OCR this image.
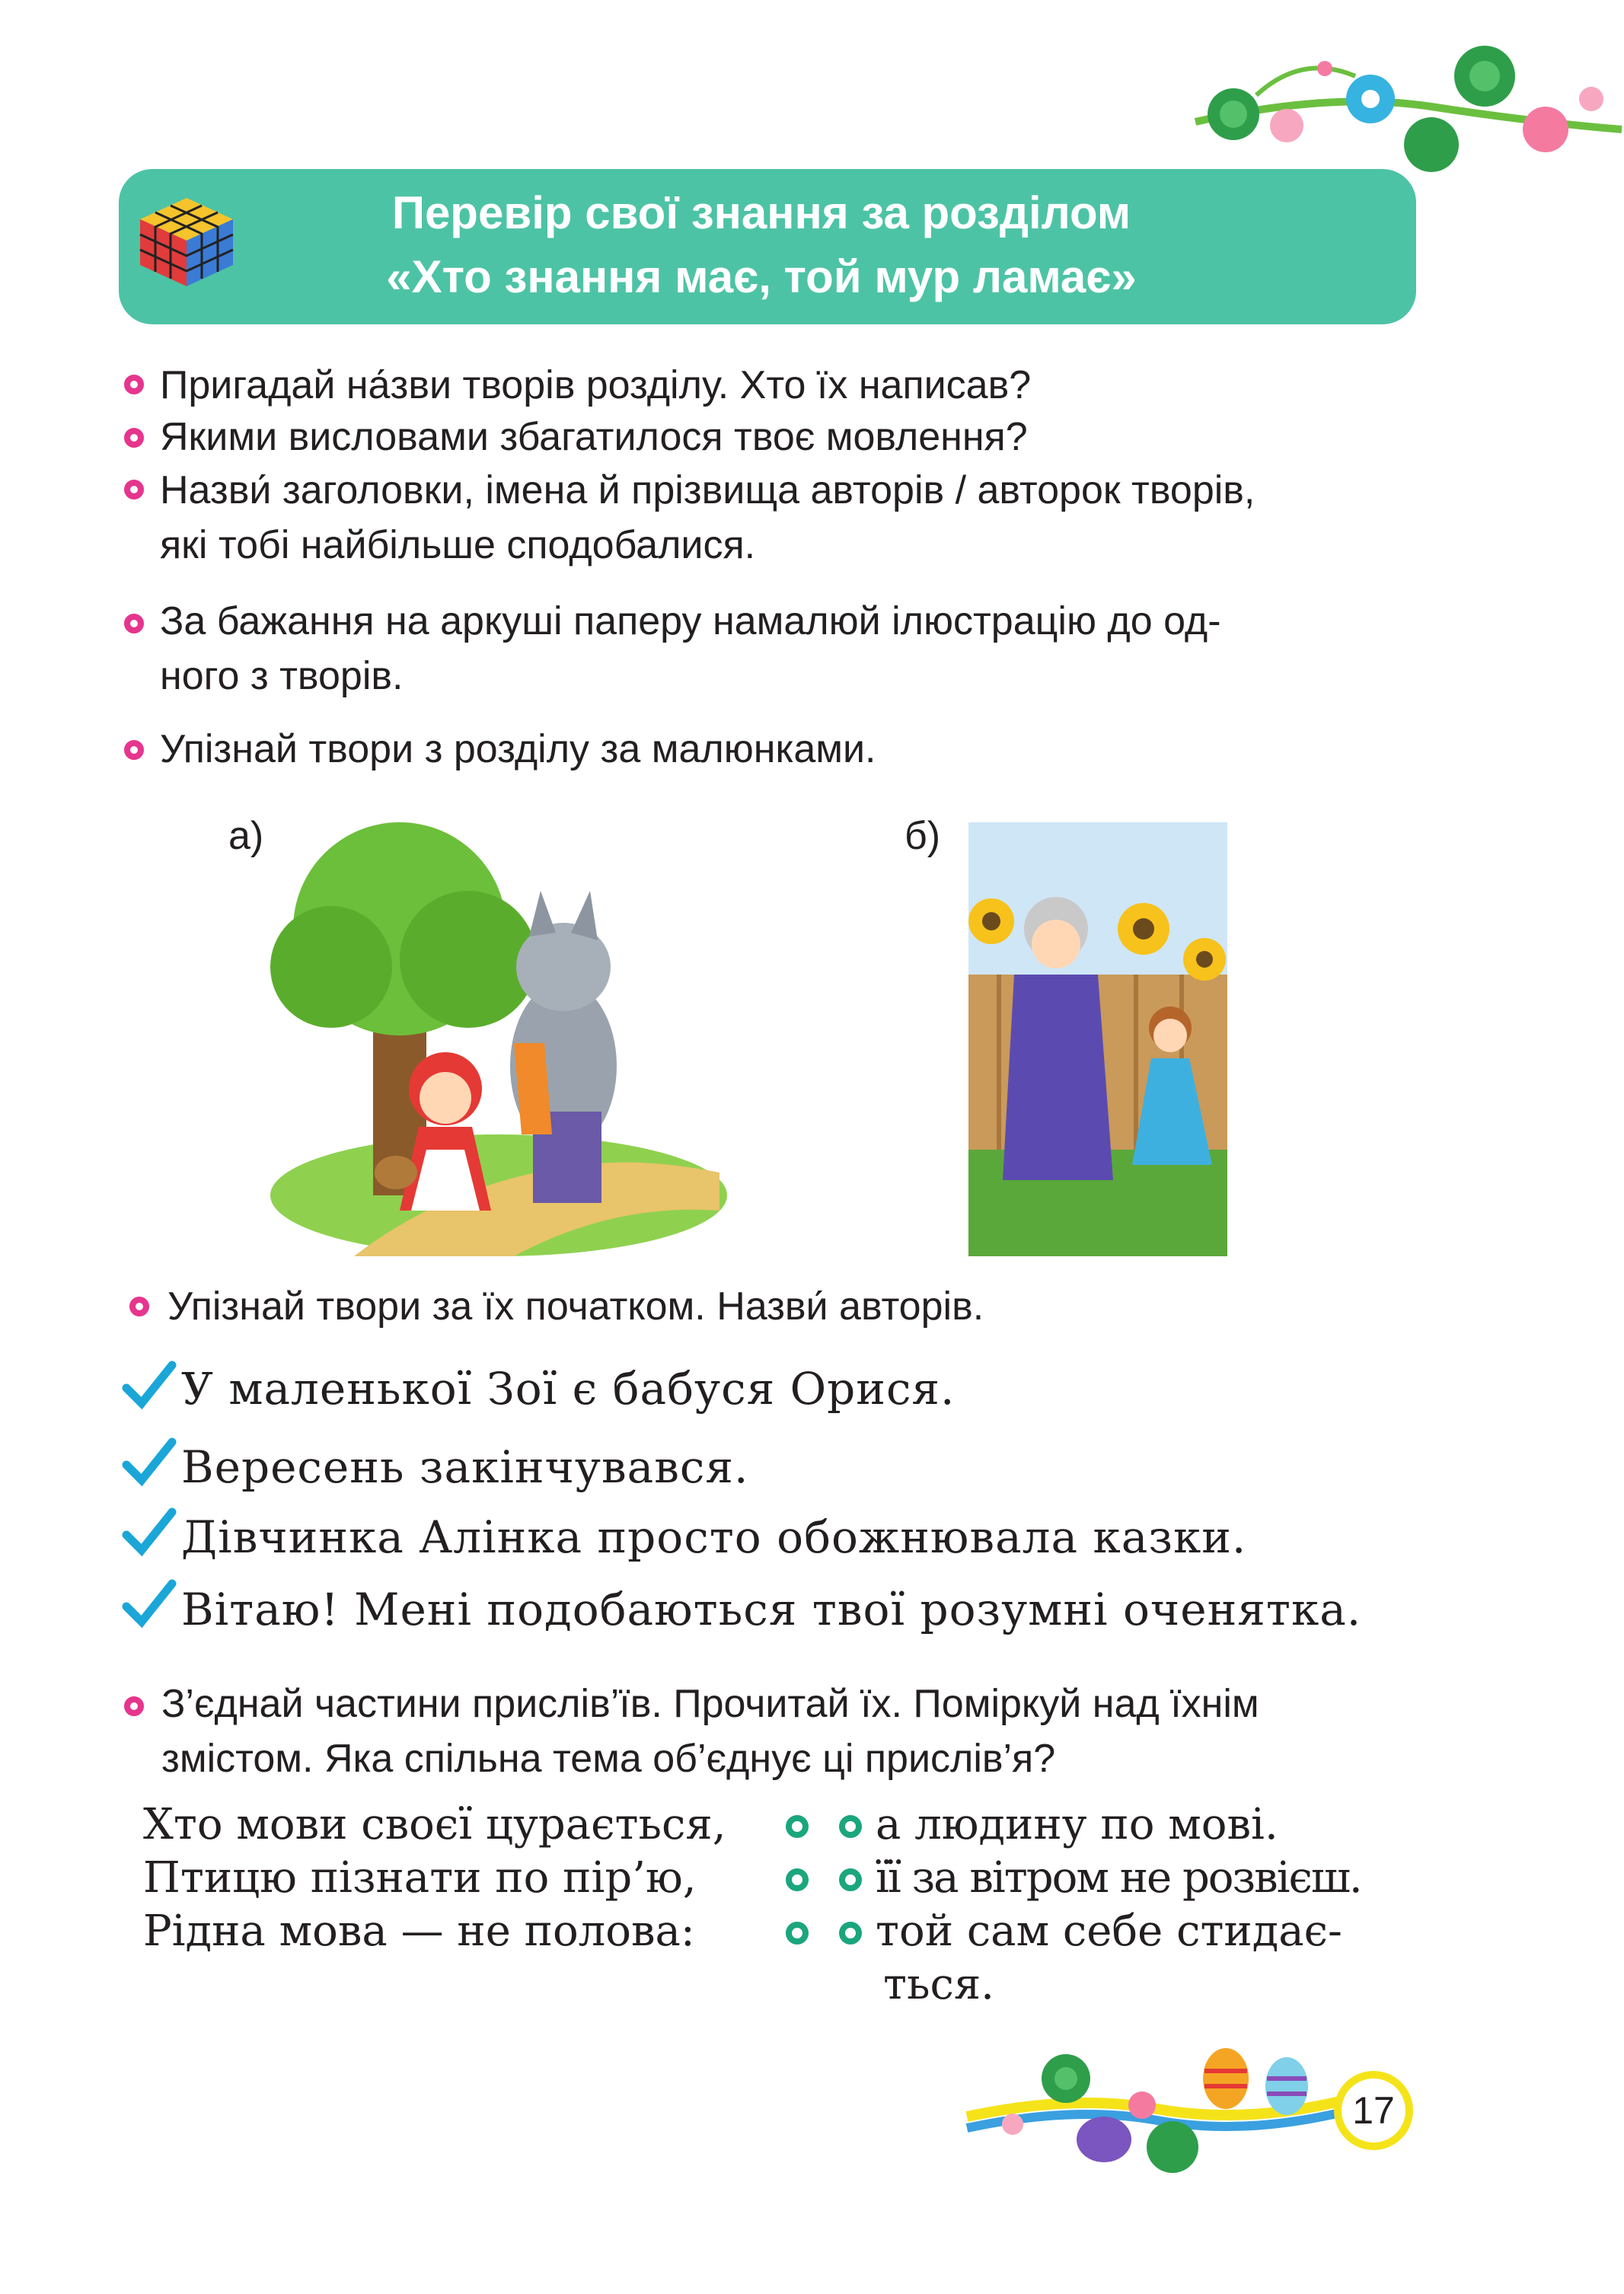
Перевір свої знання за розділом
«Хто знання має, той мур ламає»
Пригадай на́зви творів розділу. Хто їх написав?
Якими висловами збагатилося твоє мовлення?
Назви́ заголовки, імена й прізвища авторів / авторок творів,
які тобі найбільше сподобалися.
За бажання на аркуші паперу намалюй ілюстрацію до од-
ного з творів.
Упізнай твори з розділу за малюнками.
а)	б)
Упізнай твори за їх початком. Назви́ авторів.
У маленької Зої є бабуся Орися.
Вересень закінчувався.
Дівчинка Алінка просто обожнювала казки.
Вітаю! Мені подобаються твої розумні оченятка.
З’єднай частини прислів’їв. Прочитай їх. Поміркуй над їхнім
змістом. Яка спільна тема об’єднує ці прислів’я?
Хто мови своєї цурається,
Птицю пізнати по пір’ю,
Рідна мова — не полова:
а людину по мові.
її за вітром не розвієш.
той сам себе стидає-
ться.
17
